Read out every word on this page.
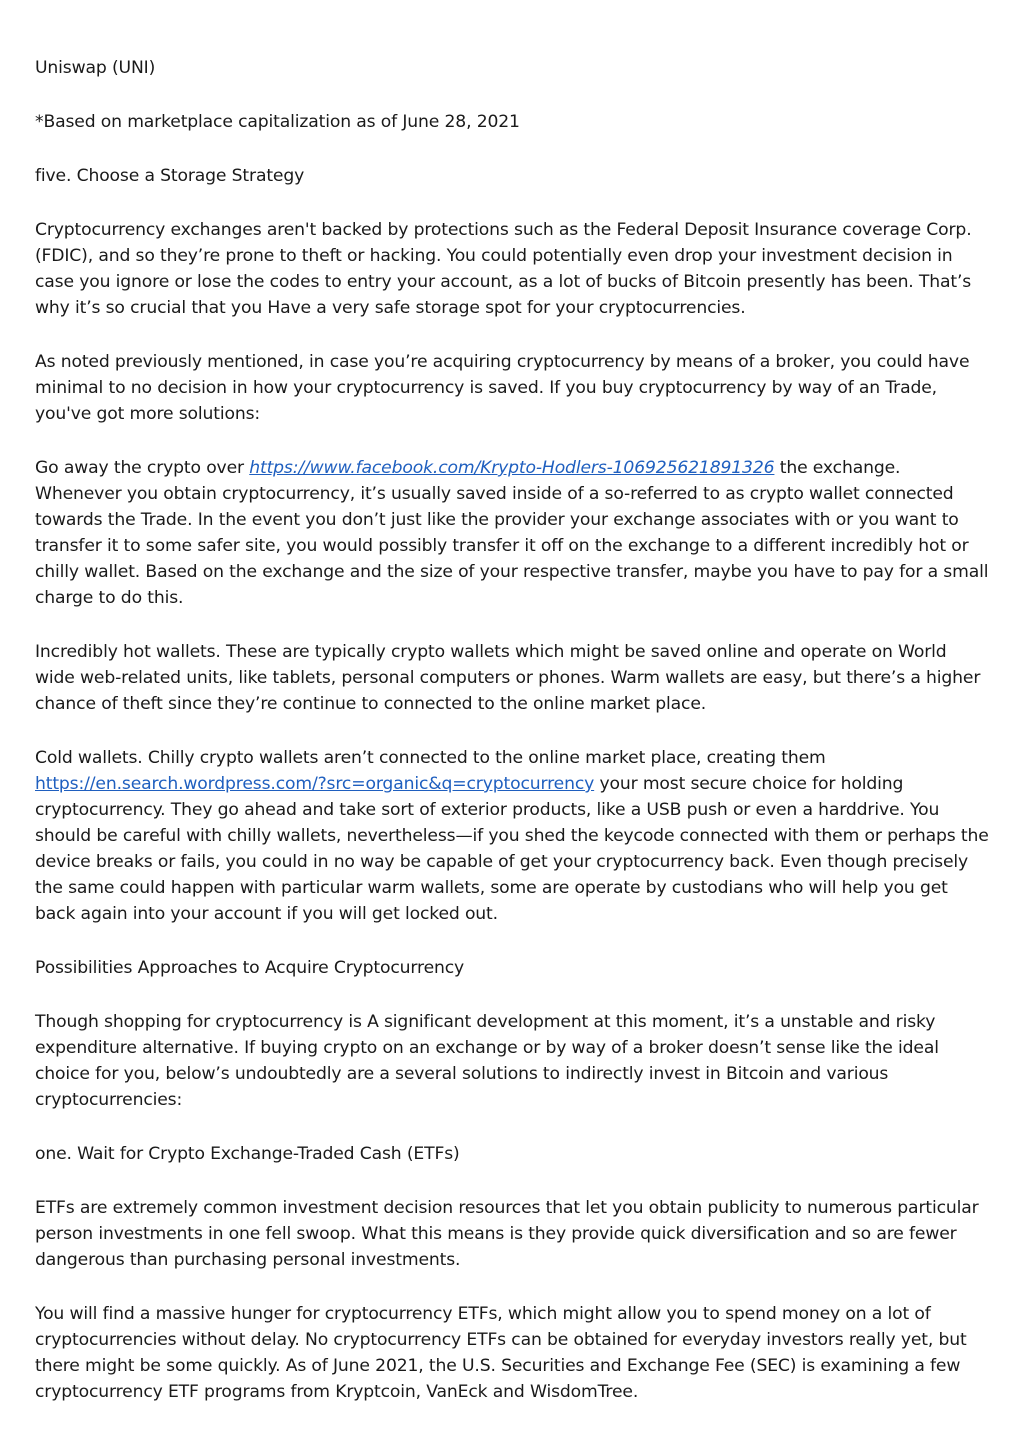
Uniswap (UNI)

*Based on marketplace capitalization as of June 28, 2021

five. Choose a Storage Strategy

Cryptocurrency exchanges aren't backed by protections such as the Federal Deposit Insurance coverage Corp. (FDIC), and so they’re prone to theft or hacking. You could potentially even drop your investment decision in case you ignore or lose the codes to entry your account, as a lot of bucks of Bitcoin presently has been. That’s why it’s so crucial that you Have a very safe storage spot for your cryptocurrencies.

As noted previously mentioned, in case you’re acquiring cryptocurrency by means of a broker, you could have minimal to no decision in how your cryptocurrency is saved. If you buy cryptocurrency by way of an Trade, you've got more solutions:

Go away the crypto over https://www.facebook.com/Krypto-Hodlers-106925621891326 the exchange. Whenever you obtain cryptocurrency, it’s usually saved inside of a so-referred to as crypto wallet connected towards the Trade. In the event you don’t just like the provider your exchange associates with or you want to transfer it to some safer site, you would possibly transfer it off on the exchange to a different incredibly hot or chilly wallet. Based on the exchange and the size of your respective transfer, maybe you have to pay for a small charge to do this.

Incredibly hot wallets. These are typically crypto wallets which might be saved online and operate on World wide web-related units, like tablets, personal computers or phones. Warm wallets are easy, but there’s a higher chance of theft since they’re continue to connected to the online market place.

Cold wallets. Chilly crypto wallets aren’t connected to the online market place, creating them https://en.search.wordpress.com/?src=organic&q=cryptocurrency your most secure choice for holding cryptocurrency. They go ahead and take sort of exterior products, like a USB push or even a harddrive. You should be careful with chilly wallets, nevertheless—if you shed the keycode connected with them or perhaps the device breaks or fails, you could in no way be capable of get your cryptocurrency back. Even though precisely the same could happen with particular warm wallets, some are operate by custodians who will help you get back again into your account if you will get locked out.

Possibilities Approaches to Acquire Cryptocurrency

Though shopping for cryptocurrency is A significant development at this moment, it’s a unstable and risky expenditure alternative. If buying crypto on an exchange or by way of a broker doesn’t sense like the ideal choice for you, below’s undoubtedly are a several solutions to indirectly invest in Bitcoin and various cryptocurrencies:

one. Wait for Crypto Exchange-Traded Cash (ETFs)

ETFs are extremely common investment decision resources that let you obtain publicity to numerous particular person investments in one fell swoop. What this means is they provide quick diversification and so are fewer dangerous than purchasing personal investments.

You will find a massive hunger for cryptocurrency ETFs, which might allow you to spend money on a lot of cryptocurrencies without delay. No cryptocurrency ETFs can be obtained for everyday investors really yet, but there might be some quickly. As of June 2021, the U.S. Securities and Exchange Fee (SEC) is examining a few cryptocurrency ETF programs from Kryptcoin, VanEck and WisdomTree.
